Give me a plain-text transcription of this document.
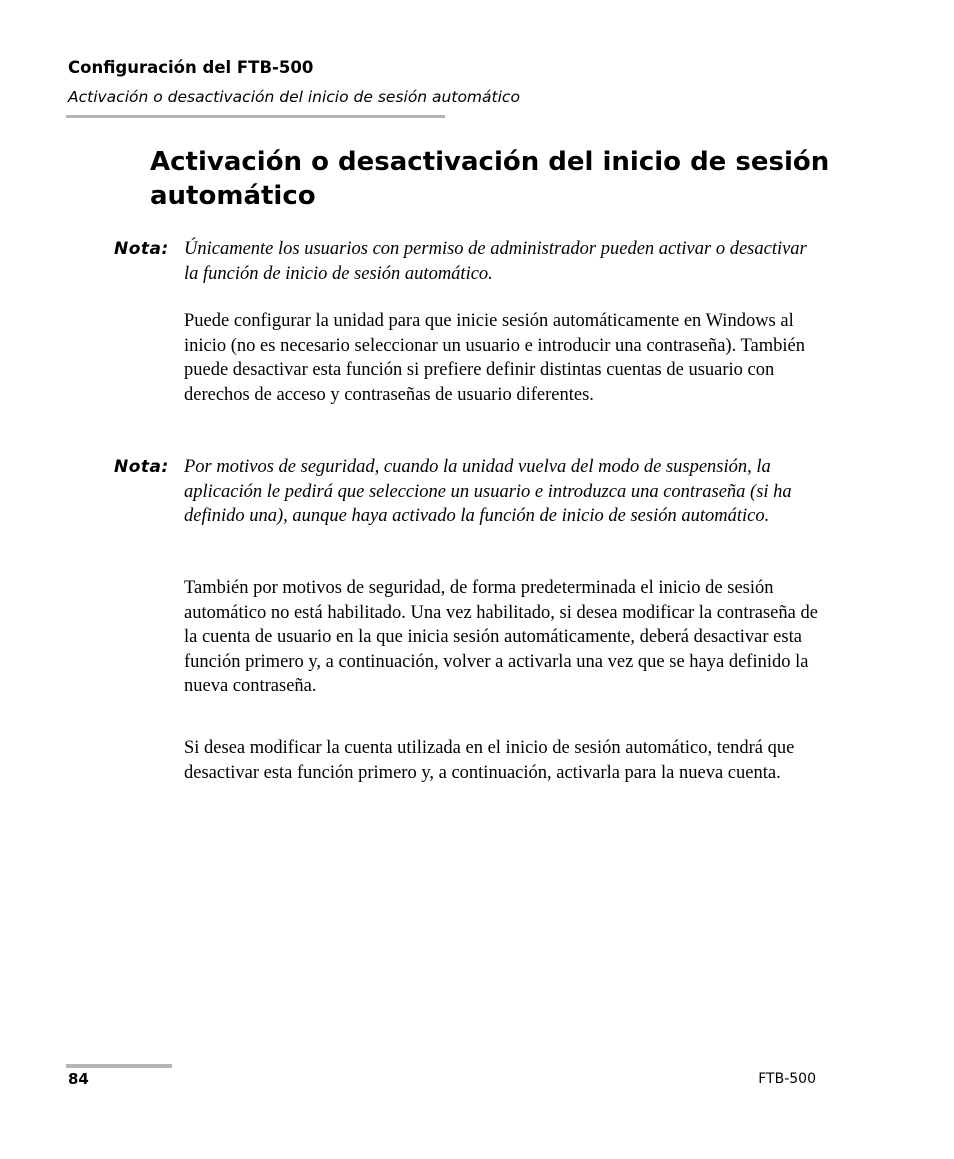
Configuración del FTB-500
Activación o desactivación del inicio de sesión automático
Activación o desactivación del inicio de sesión automático
Nota: Únicamente los usuarios con permiso de administrador pueden activar o desactivar la función de inicio de sesión automático.

Puede configurar la unidad para que inicie sesión automáticamente en Windows al inicio (no es necesario seleccionar un usuario e introducir una contraseña). También puede desactivar esta función si prefiere definir distintas cuentas de usuario con derechos de acceso y contraseñas de usuario diferentes.

Nota: Por motivos de seguridad, cuando la unidad vuelva del modo de suspensión, la aplicación le pedirá que seleccione un usuario e introduzca una contraseña (si ha definido una), aunque haya activado la función de inicio de sesión automático.

También por motivos de seguridad, de forma predeterminada el inicio de sesión automático no está habilitado. Una vez habilitado, si desea modificar la contraseña de la cuenta de usuario en la que inicia sesión automáticamente, deberá desactivar esta función primero y, a continuación, volver a activarla una vez que se haya definido la nueva contraseña.

Si desea modificar la cuenta utilizada en el inicio de sesión automático, tendrá que desactivar esta función primero y, a continuación, activarla para la nueva cuenta.

84	FTB-500
